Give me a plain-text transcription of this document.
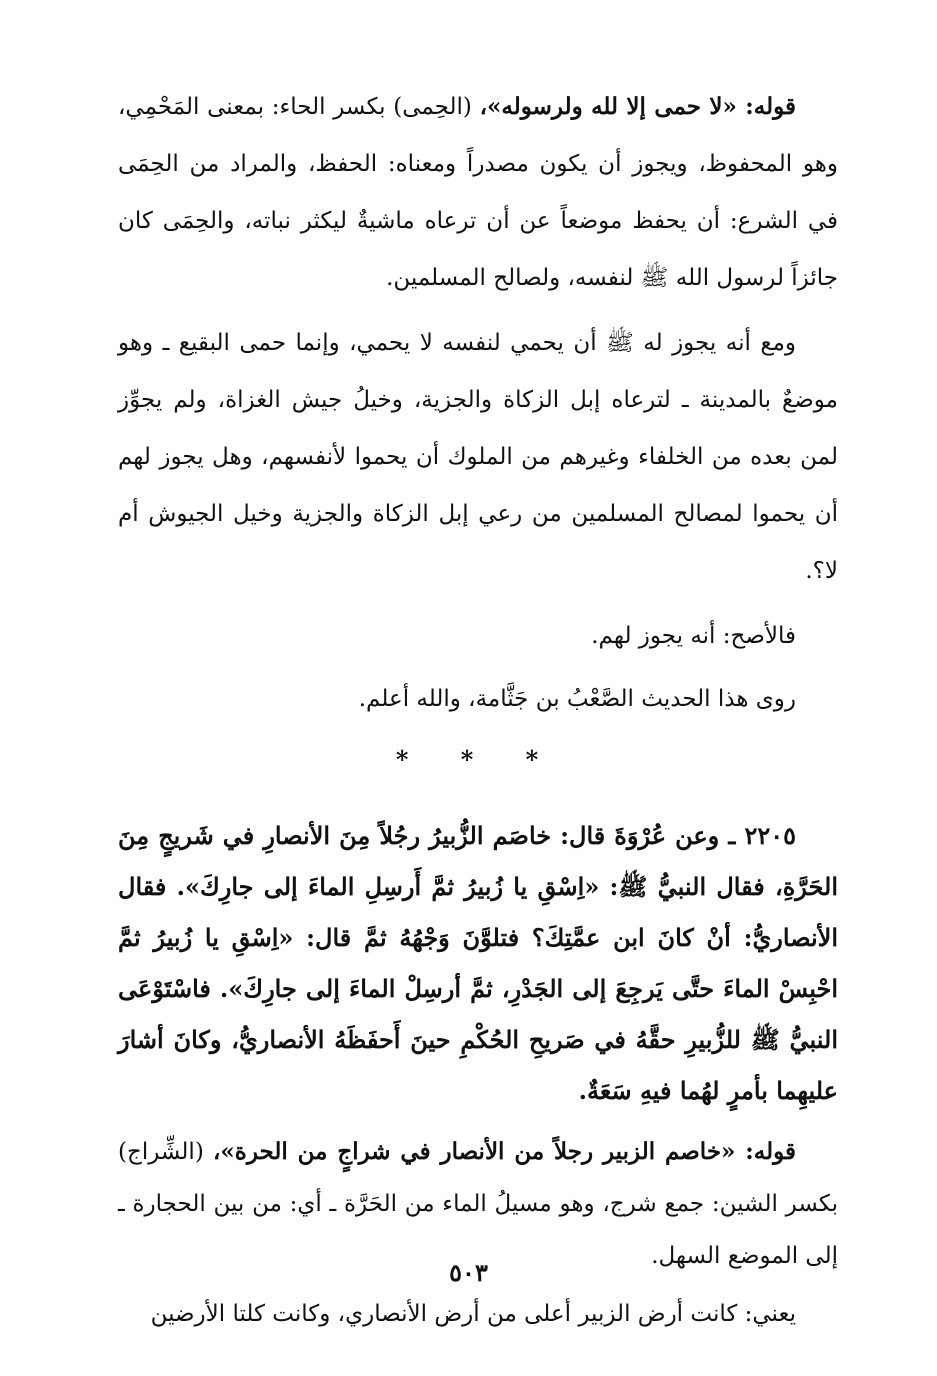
قوله: «لا حمى إلا لله ولرسوله»، (الحِمى) بكسر الحاء: بمعنى المَحْمِي، وهو المحفوظ، ويجوز أن يكون مصدراً ومعناه: الحفظ، والمراد من الحِمَى في الشرع: أن يحفظ موضعاً عن أن ترعاه ماشيةٌ ليكثر نباته، والحِمَى كان جائزاً لرسول الله ﷺ لنفسه، ولصالح المسلمين.

ومع أنه يجوز له ﷺ أن يحمي لنفسه لا يحمي، وإنما حمى البقيع ـ وهو موضعٌ بالمدينة ـ لترعاه إبل الزكاة والجزية، وخيلُ جيش الغزاة، ولم يجوِّز لمن بعده من الخلفاء وغيرهم من الملوك أن يحموا لأنفسهم، وهل يجوز لهم أن يحموا لمصالح المسلمين من رعي إبل الزكاة والجزية وخيل الجيوش أم لا؟.

فالأصح: أنه يجوز لهم.

روى هذا الحديث الصَّعْبُ بن جَثَّامة، والله أعلم.

* * *

٢٢٠٥ ـ وعن عُرْوَةَ قال: خاصَم الزُّبيرُ رجُلاً مِنَ الأنصارِ في شَريجٍ مِنَ الحَرَّةِ، فقال النبيُّ ﷺ: «اِسْقِ يا زُبيرُ ثمَّ أَرسِلِ الماءَ إلى جارِكَ». فقال الأنصاريُّ: أنْ كانَ ابن عمَّتِكَ؟ فتلوَّنَ وَجْهُهُ ثمَّ قال: «اِسْقِ يا زُبيرُ ثمَّ احْبِسْ الماءَ حتَّى يَرجِعَ إلى الجَدْرِ، ثمَّ أرسِلْ الماءَ إلى جارِكَ». فاسْتَوْعَى النبيُّ ﷺ للزُّبيرِ حقَّهُ في صَريحِ الحُكْمِ حينَ أَحفَظَهُ الأنصاريُّ، وكانَ أشارَ عليهِما بأمرٍ لهُما فيهِ سَعَةٌ.

قوله: «خاصم الزبير رجلاً من الأنصار في شراجٍ من الحرة»، (الشِّراج) بكسر الشين: جمع شرج، وهو مسيلُ الماء من الحَرَّة ـ أي: من بين الحجارة ـ إلى الموضع السهل.

يعني: كانت أرض الزبير أعلى من أرض الأنصاري، وكانت كلتا الأرضين

٥٠٣
